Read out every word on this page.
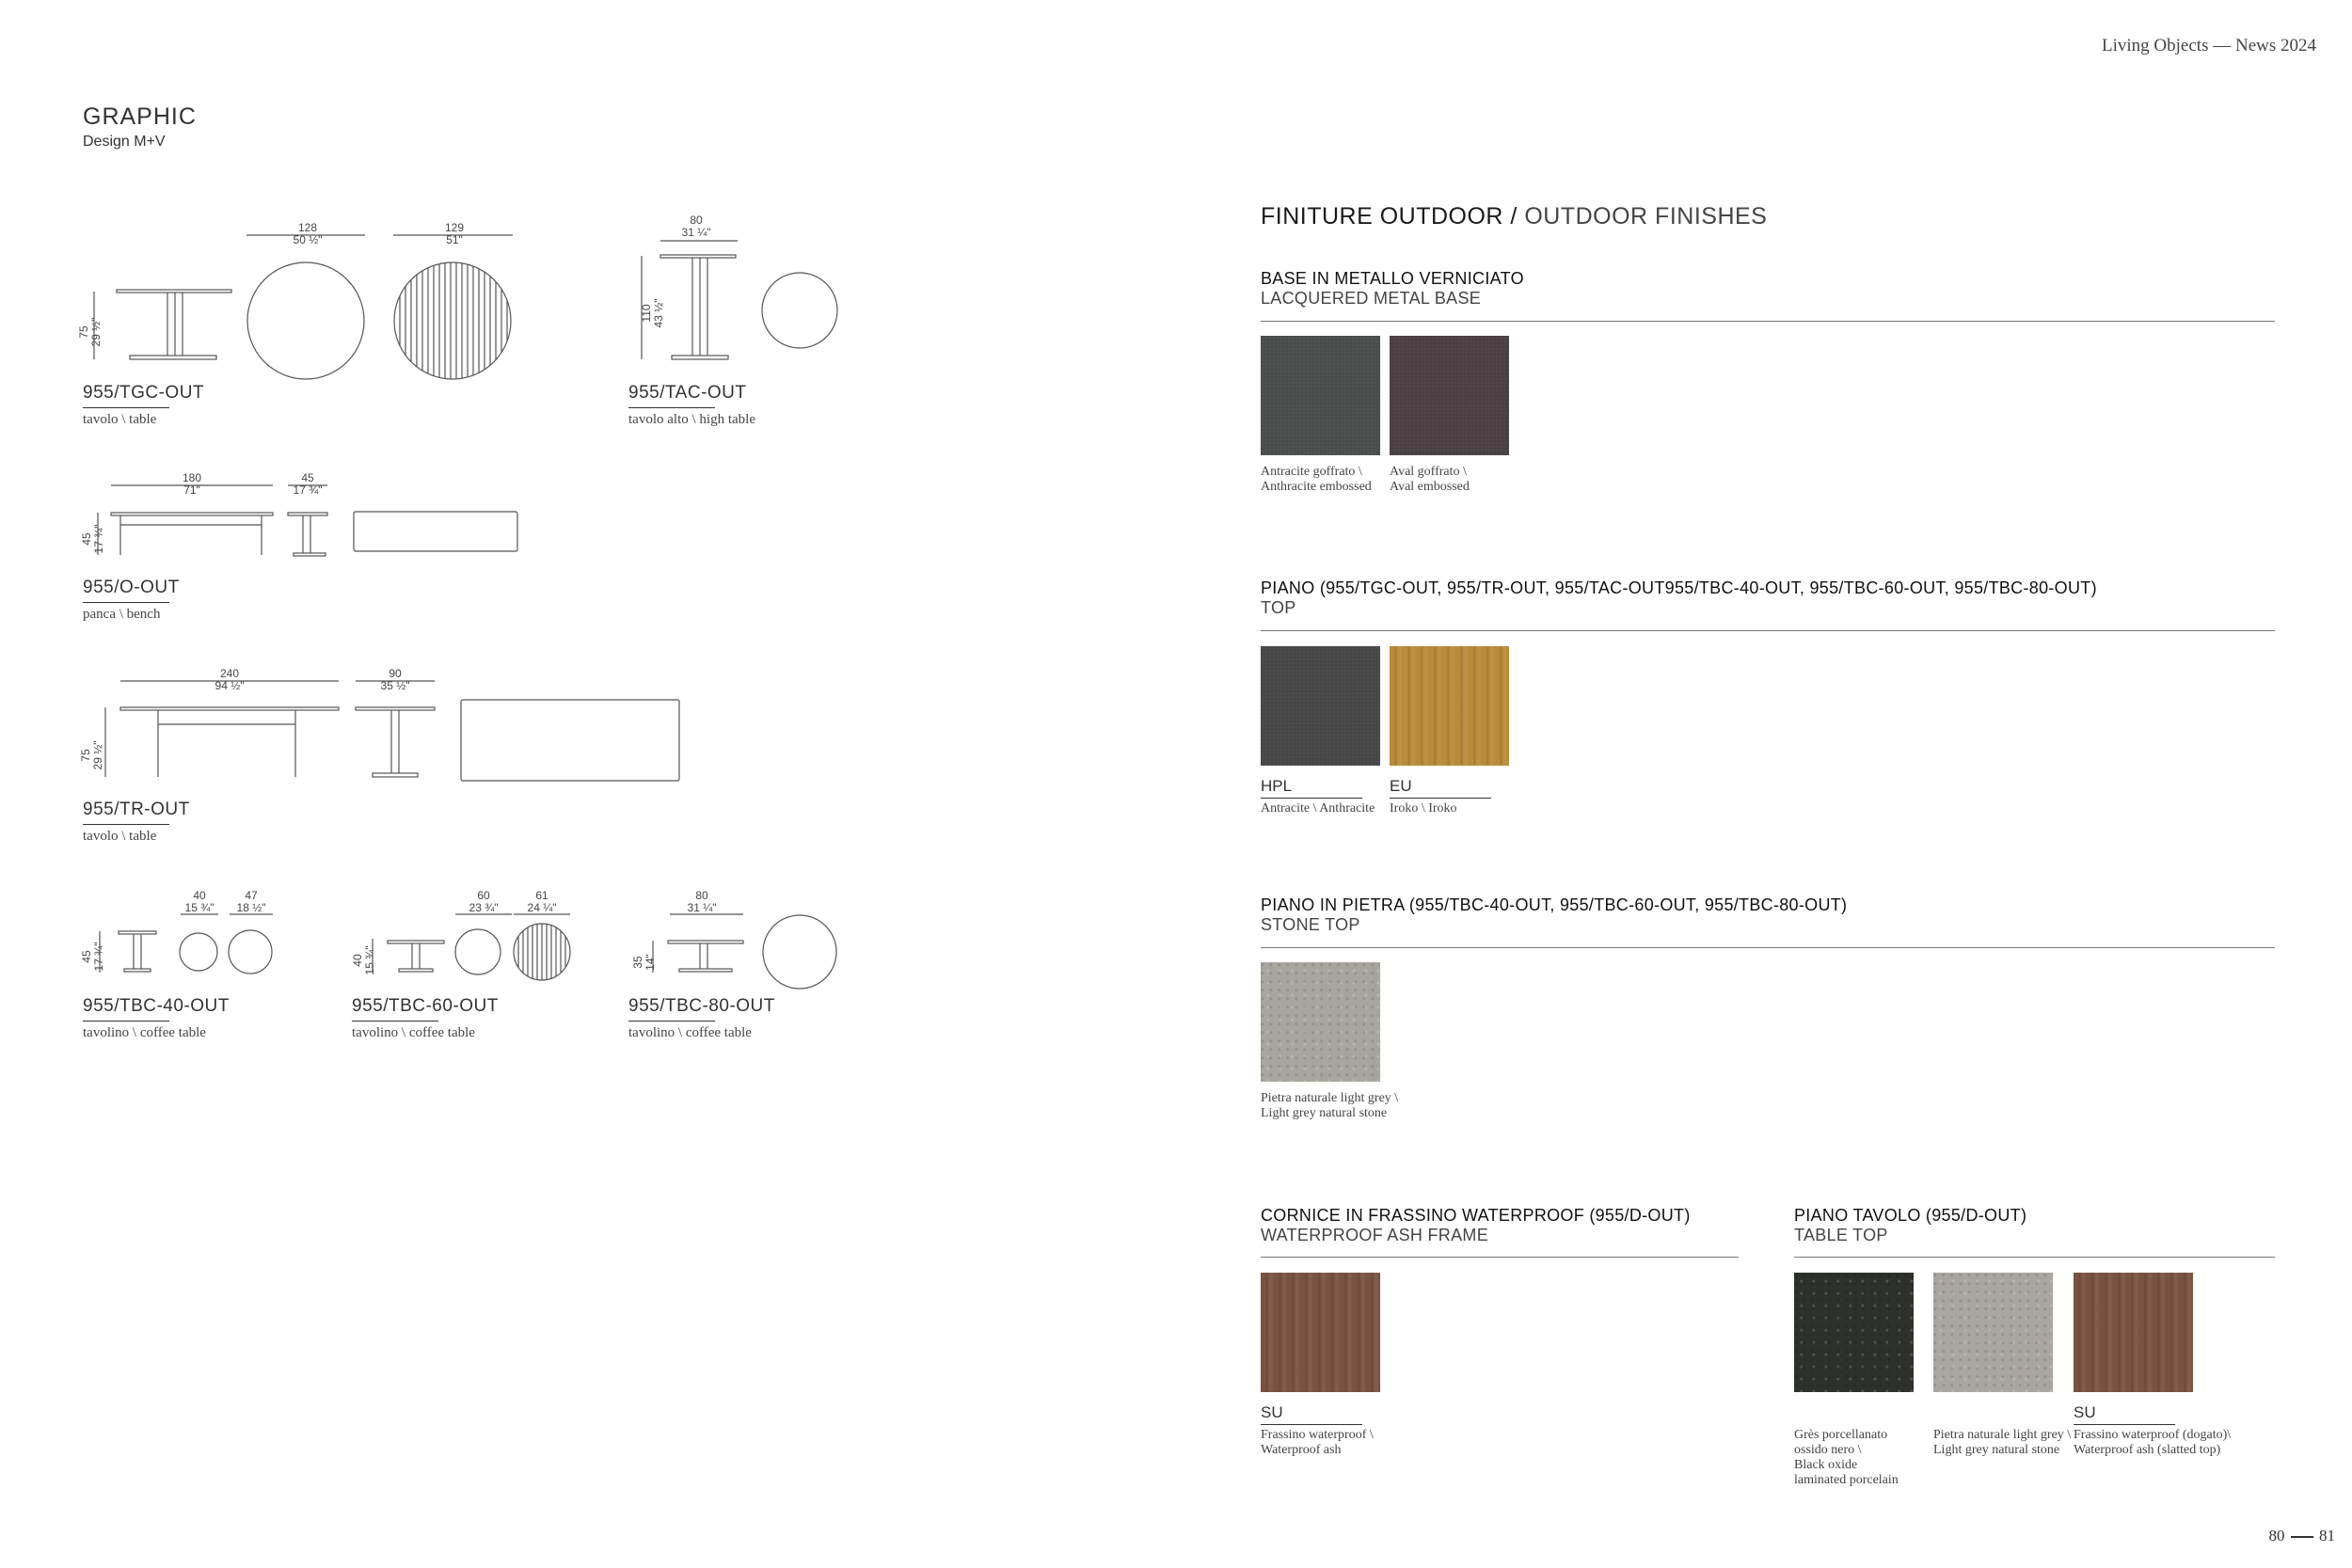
Living Objects — News 2024
GRAPHIC
Design M+V
128
50 ½"
129
51"
75 29 ½"
955/TGC-OUT
tavolo \ table
80
31 ¼"
110 43 ½"
955/TAC-OUT
tavolo alto \ high table
180
71"
45
17 ¾"
45 17 ¾"
955/O-OUT
panca \ bench
240
94 ½"
90
35 ½"
75 29 ½"
955/TR-OUT
tavolo \ table
40
15 ¾"
47
18 ½"
45 17 ¾"
955/TBC-40-OUT
tavolino \ coffee table
60
23 ¾"
61
24 ¼"
40 15 ¾"
955/TBC-60-OUT
tavolino \ coffee table
80
31 ¼"
35 14"
955/TBC-80-OUT
tavolino \ coffee table
FINITURE OUTDOOR / OUTDOOR FINISHES
BASE IN METALLO VERNICIATO
LACQUERED METAL BASE
Antracite goffrato \
Anthracite embossed
Aval goffrato \
Aval embossed
PIANO (955/TGC-OUT, 955/TR-OUT, 955/TAC-OUT955/TBC-40-OUT, 955/TBC-60-OUT, 955/TBC-80-OUT)
TOP
HPL
Antracite \ Anthracite
EU
Iroko \ Iroko
PIANO IN PIETRA (955/TBC-40-OUT, 955/TBC-60-OUT, 955/TBC-80-OUT)
STONE TOP
Pietra naturale light grey \
Light grey natural stone
CORNICE IN FRASSINO WATERPROOF (955/D-OUT)
WATERPROOF ASH FRAME
SU
Frassino waterproof \
Waterproof ash
PIANO TAVOLO (955/D-OUT)
TABLE TOP
Grès porcellanato
ossido nero \
Black oxide
laminated porcelain
Pietra naturale light grey \
Light grey natural stone
SU
Frassino waterproof (dogato)\
Waterproof ash (slatted top)
80 81
